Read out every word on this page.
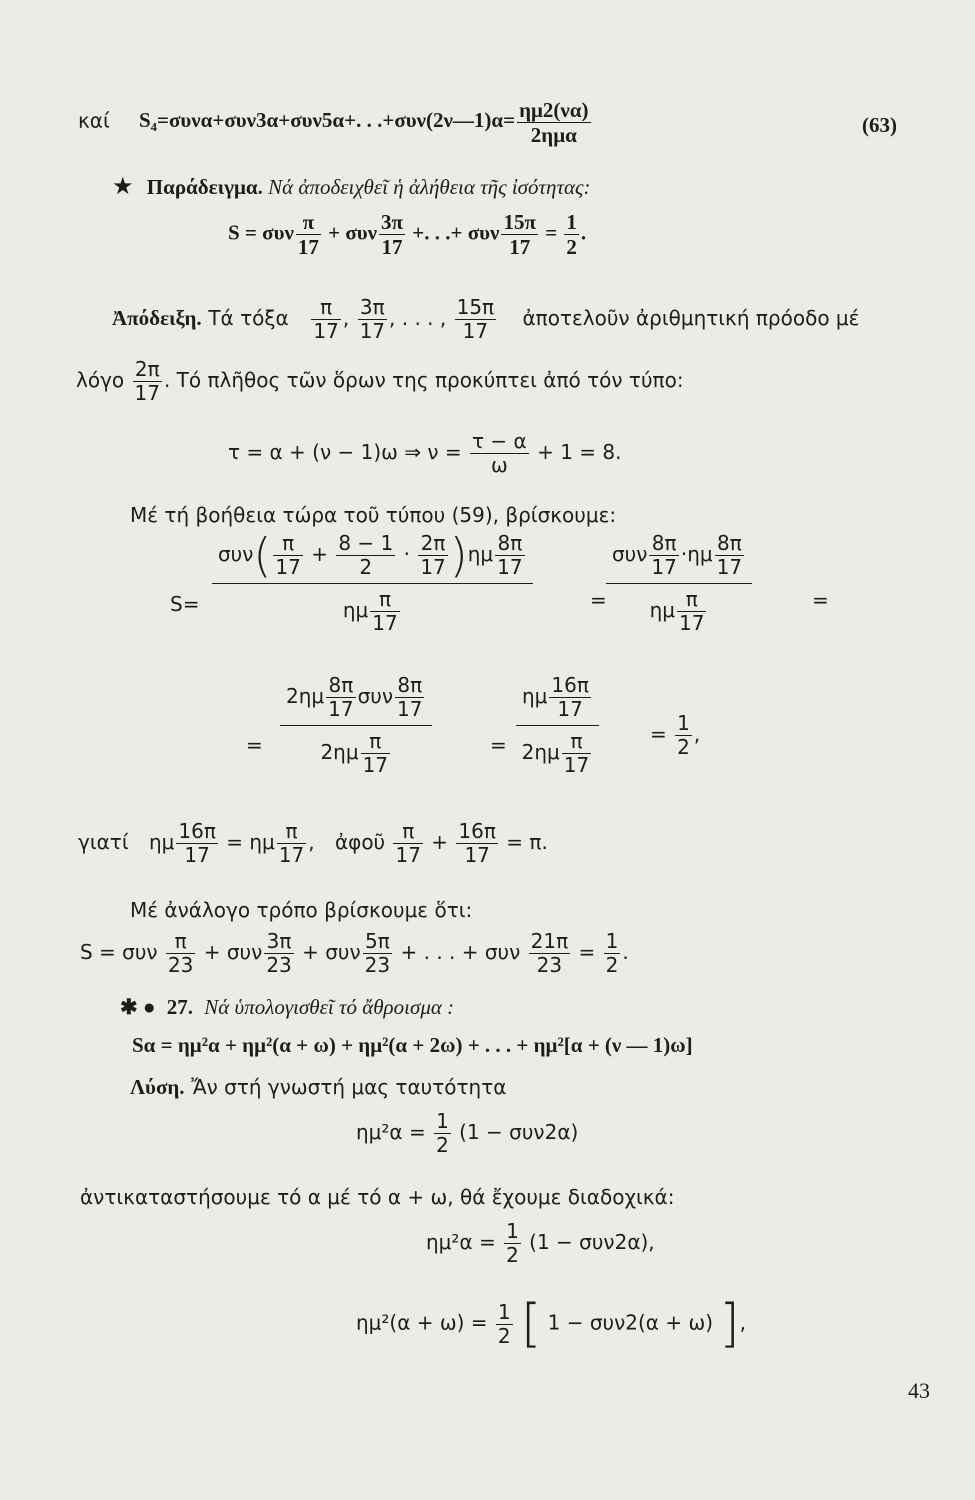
καί S₄=συνα+συν3α+συν5α+. . .+συν(2ν—1)α= $\frac{\eta\mu 2(\nu\alpha)}{\text{2ημα}}$	(63)
★ Παράδειγμα. Νά ἀποδειχθεῖ ἡ ἀλήθεια τῆς ἰσότητας:
S = συν $\frac{\pi}{17} + \sigma\upsilon\nu \frac{3\pi}{17}$ +. . .+ συν $\frac{15\pi}{17} = \frac{1}{2}$ .
Ἀπόδειξη. Τά τόξα $\frac{\pi}{17}$ , $\frac{3\pi}{17}$ , . . . , $\frac{15\pi}{17}$ ἀποτελοῦν ἀριθμητική πρόοδο μέ
λόγο $\frac{2\pi}{17}$ . Τό πλῆθος τῶν ὅρων της προκύπτει ἀπό τόν τύπο:
τ = α + (ν − 1)ω ⇒ $\nu = \frac{\tau - \alpha}{\omega} + 1 = 8$.
Μέ τή βοήθεια τώρα τοῦ τύπου (59), βρίσκουμε:
S=
$\sigma\upsilon\nu( \frac{\pi}{17} + \frac{8 - 1}{2} \cdot \frac{2\pi}{17} )\eta\mu \frac{8\pi}{17}$
ημ $\frac{\pi}{17}$	=
συν $\frac{8\pi}{17} \cdot\eta\mu \frac{8\pi}{17}$
ημ $\frac{\pi}{17}$	=
=
$2\eta\mu \frac{8\pi}{17}$ συν $\frac{8\pi}{17}$
$2\eta\mu \frac{\pi}{17}$	=
ημ $\frac{16\pi}{17}$
$2\eta\mu \frac{\pi}{17}$	= $\frac{1}{2}$ ,
γιατί ημ $\frac{16\pi}{17} = \eta\mu \frac{\pi}{17}$ , ἀφοῦ $\frac{\pi}{17} + \frac{16\pi}{17} = \pi$.
Μέ ἀνάλογο τρόπο βρίσκουμε ὅτι:
S = συν $\frac{\pi}{23} + \sigma\upsilon\nu \frac{3\pi}{23} + \sigma\upsilon\nu \frac{5\pi}{23}$ + . . . + συν $\frac{21\pi}{23} = \frac{1}{2}$ .
✱ ● 27. Νά ὑπολογισθεῖ τό ἄθροισμα :
Sα = ημ²α + ημ²(α + ω) + ημ²(α + 2ω) + . . . + ημ²[α + (ν — 1)ω]
Λύση. Ἄν στή γνωστή μας ταυτότητα
$\eta\mu^2\alpha = \frac{1}{2} (1 - \sigma\upsilon\nu 2\alpha)$
ἀντικαταστήσουμε τό α μέ τό α + ω, θά ἔχουμε διαδοχικά:
$\eta\mu^2\alpha = \frac{1}{2} (1 - \sigma\upsilon\nu 2\alpha)$,
$\eta\mu^2(\alpha + \omega) = \frac{1}{2}$ [ 1 − συν2(α + ω) ],
43
